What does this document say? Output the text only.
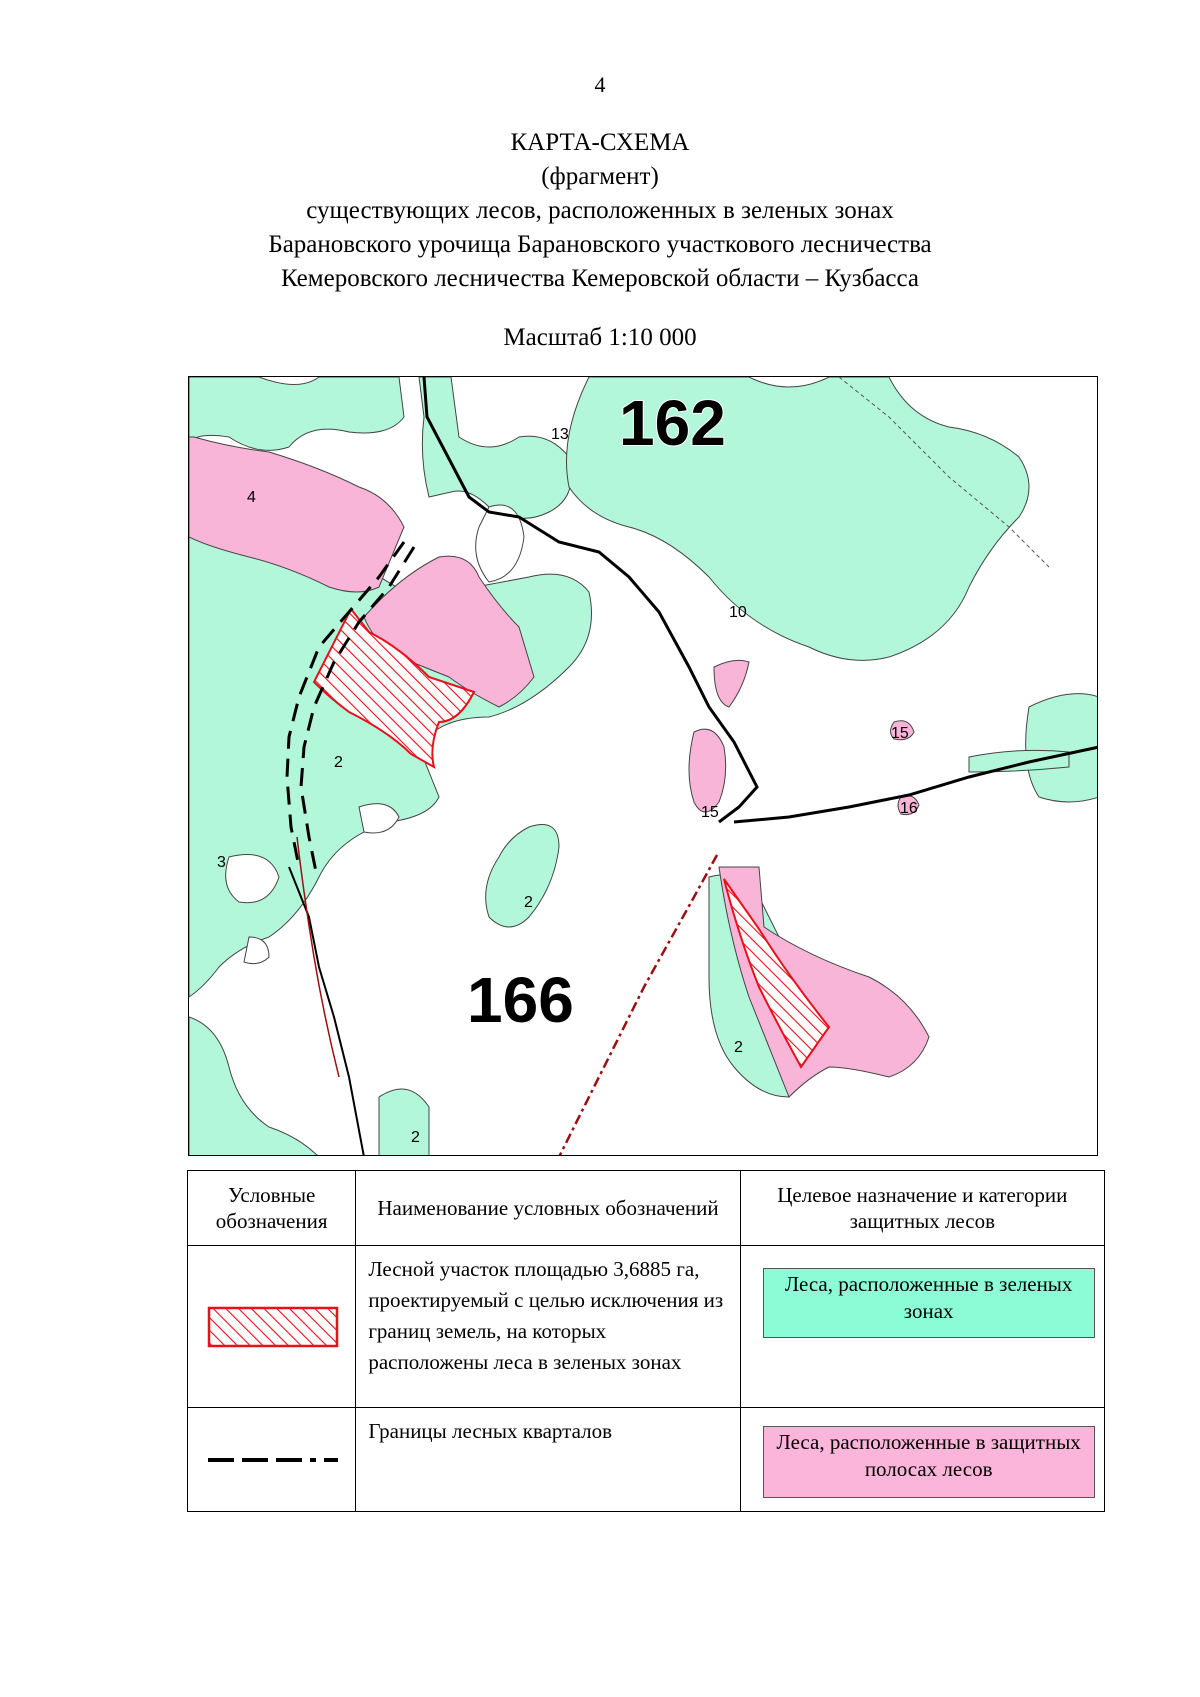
4
КАРТА-СХЕМА
(фрагмент)
существующих лесов, расположенных в зеленых зонах
Барановского урочища Барановского участкового лесничества
Кемеровского лесничества Кемеровской области – Кузбасса
Масштаб 1:10 000
162
166
13
4
10
2
3
15
15
16
2
2
2
Условные обозначения	Наименование условных обозначений	Целевое назначение и категории защитных лесов

	Лесной участок площадью 3,6885 га, проектируемый с целью исключения из границ земель, на которых расположены леса в зеленых зонах	Леса, расположенные в зеленых зонах

	Границы лесных кварталов	Леса, расположенные в защитных полосах лесов
